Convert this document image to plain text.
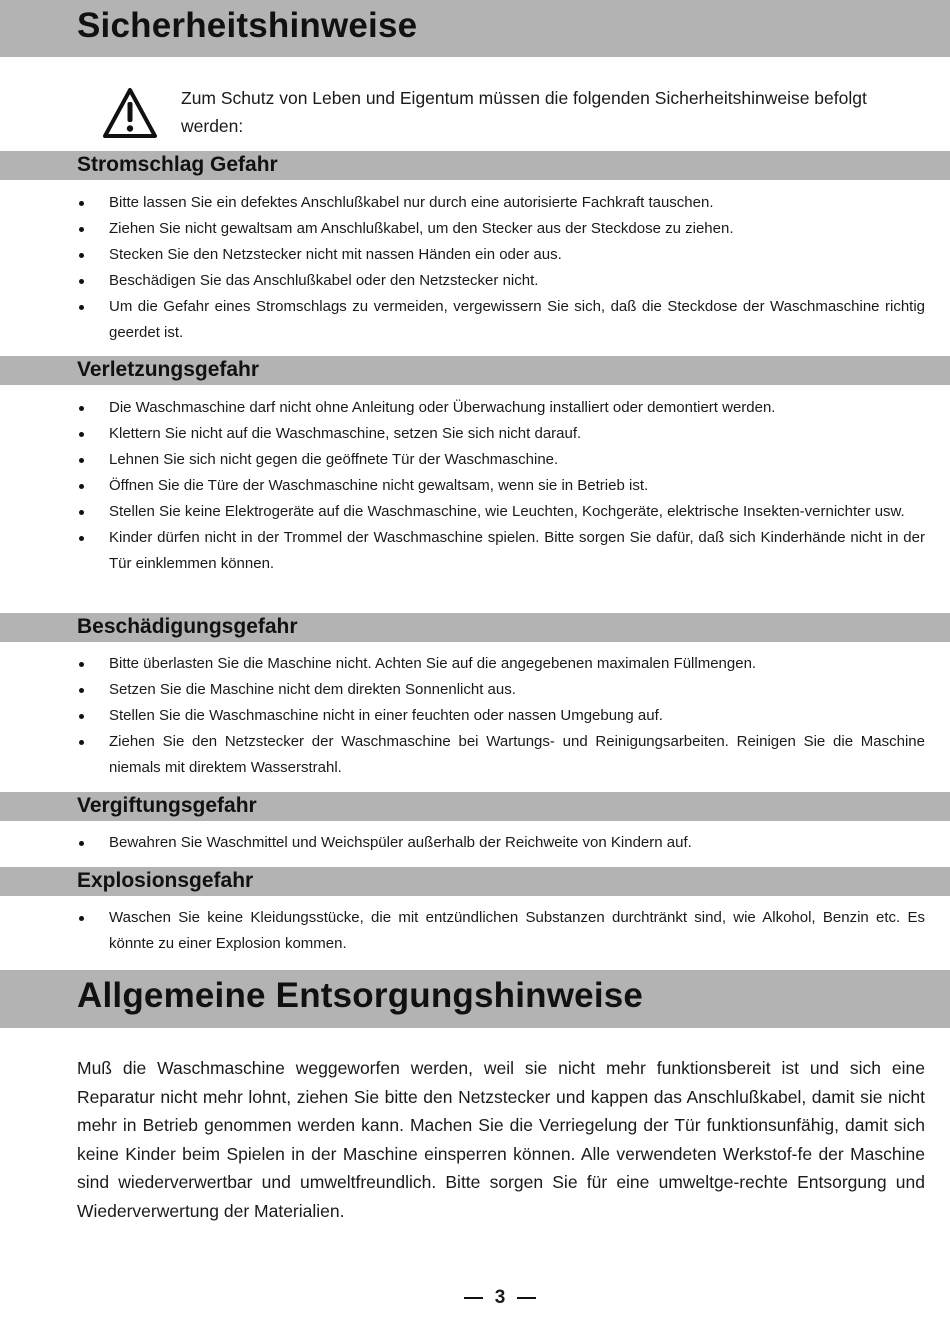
Sicherheitshinweise
Zum Schutz von Leben und Eigentum müssen die folgenden Sicherheitshinweise befolgt werden:
Stromschlag Gefahr
Bitte lassen Sie ein defektes Anschlußkabel nur durch eine autorisierte Fachkraft tauschen.
Ziehen Sie nicht gewaltsam am Anschlußkabel, um den Stecker aus der Steckdose zu ziehen.
Stecken Sie den Netzstecker nicht mit nassen Händen ein oder aus.
Beschädigen Sie das Anschlußkabel oder den Netzstecker nicht.
Um die Gefahr eines Stromschlags zu vermeiden, vergewissern Sie sich, daß die Steckdose der Waschmaschine richtig geerdet ist.
Verletzungsgefahr
Die Waschmaschine darf nicht ohne Anleitung oder Überwachung installiert oder demontiert werden.
Klettern Sie nicht auf die Waschmaschine, setzen Sie sich nicht darauf.
Lehnen Sie sich nicht gegen die geöffnete Tür der Waschmaschine.
Öffnen Sie die Türe der Waschmaschine nicht gewaltsam, wenn sie in Betrieb ist.
Stellen Sie keine Elektrogeräte auf die Waschmaschine, wie Leuchten, Kochgeräte, elektrische Insekten-vernichter usw.
Kinder dürfen nicht in der Trommel der Waschmaschine spielen. Bitte sorgen Sie dafür, daß sich Kinderhände nicht in der Tür einklemmen können.
Beschädigungsgefahr
Bitte überlasten Sie die Maschine nicht. Achten Sie auf die angegebenen maximalen Füllmengen.
Setzen Sie die Maschine nicht dem direkten Sonnenlicht aus.
Stellen Sie die Waschmaschine nicht in einer feuchten oder nassen Umgebung auf.
Ziehen Sie den Netzstecker der Waschmaschine bei Wartungs- und Reinigungsarbeiten. Reinigen Sie die Maschine niemals mit direktem Wasserstrahl.
Vergiftungsgefahr
Bewahren Sie Waschmittel und Weichspüler außerhalb der Reichweite von Kindern auf.
Explosionsgefahr
Waschen Sie keine Kleidungsstücke, die mit entzündlichen Substanzen durchtränkt sind, wie Alkohol, Benzin etc. Es könnte zu einer Explosion kommen.
Allgemeine Entsorgungshinweise

Muß die Waschmaschine weggeworfen werden, weil sie nicht mehr funktionsbereit ist und sich eine Reparatur nicht mehr lohnt, ziehen Sie bitte den Netzstecker und kappen das Anschlußkabel, damit sie nicht mehr in Betrieb genommen werden kann. Machen Sie die Verriegelung der Tür funktionsunfähig, damit sich keine Kinder beim Spielen in der Maschine einsperren können. Alle verwendeten Werkstof-fe der Maschine sind wiederverwertbar und umweltfreundlich. Bitte sorgen Sie für eine umweltge-rechte Entsorgung und Wiederverwertung der Materialien.

3
